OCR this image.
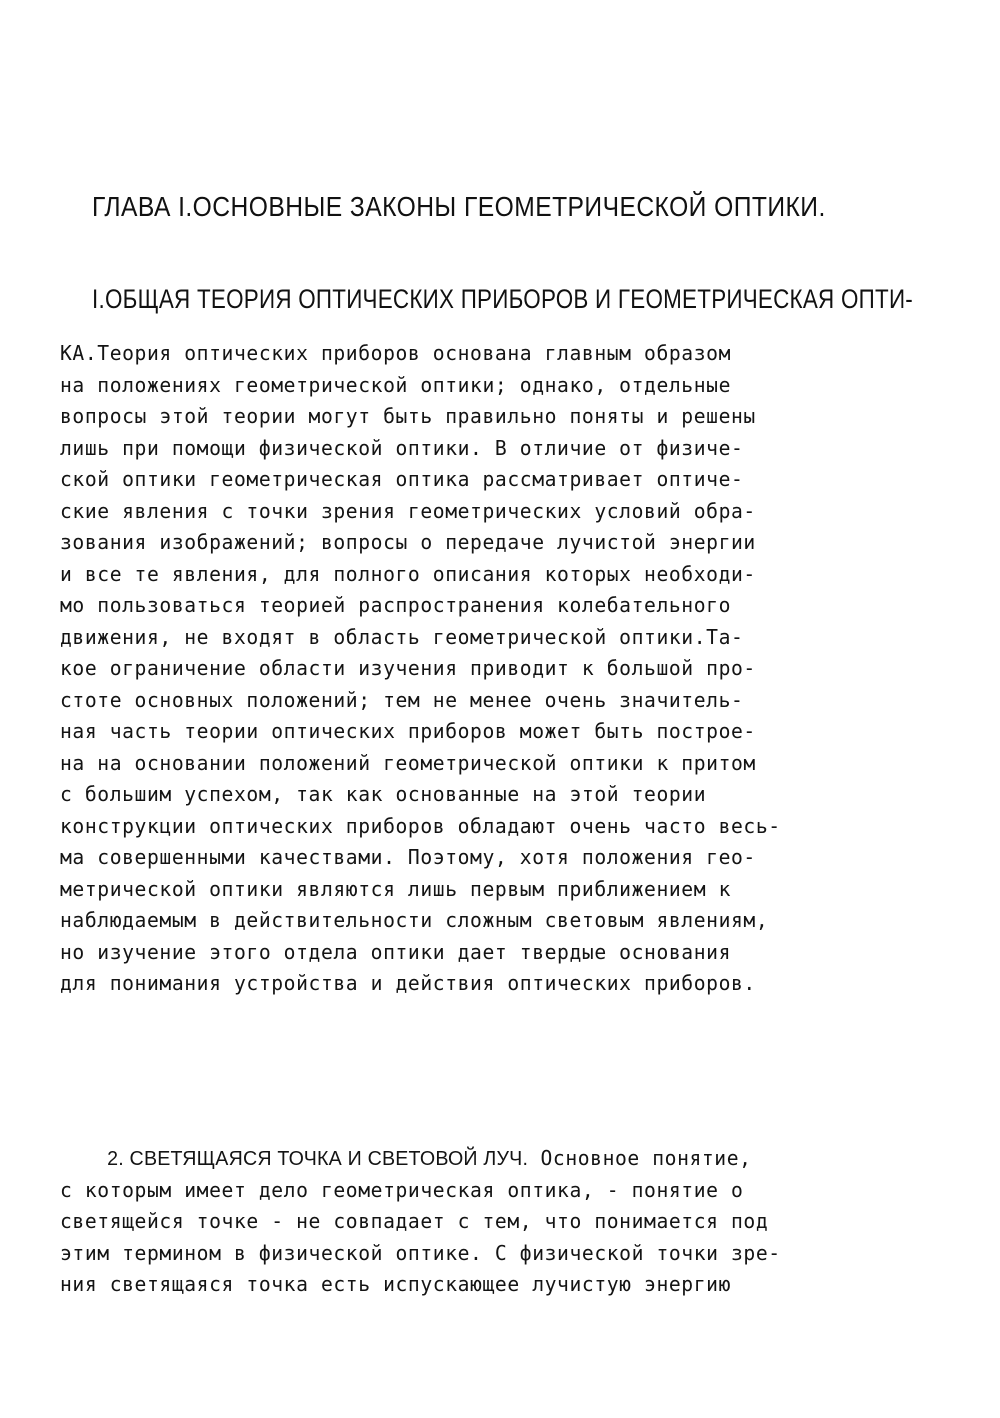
ГЛАВА I.ОСНОВНЫЕ ЗАКОНЫ ГЕОМЕТРИЧЕСКОЙ ОПТИКИ.
I.ОБЩАЯ ТЕОРИЯ ОПТИЧЕСКИХ ПРИБОРОВ И ГЕОМЕТРИЧЕСКАЯ ОПТИ-
КА.Теория оптических приборов основана главным образом
на положениях геометрической оптики; однако, отдельные
вопросы этой теории могут быть правильно поняты и решены
лишь при помощи физической оптики. В отличие от физиче-
ской оптики геометрическая оптика рассматривает оптиче-
ские явления с точки зрения геометрических условий обра-
зования изображений; вопросы о передаче лучистой энергии
и все те явления, для полного описания которых необходи-
мо пользоваться теорией распространения колебательного
движения, не входят в область геометрической оптики.Та-
кое ограничение области изучения приводит к большой про-
стоте основных положений; тем не менее очень значитель-
ная часть теории оптических приборов может быть построе-
на на основании положений геометрической оптики к притом
с большим успехом, так как основанные на этой теории
конструкции оптических приборов обладают очень часто весь-
ма совершенными качествами. Поэтому, хотя положения гео-
метрической оптики являются лишь первым приближением к
наблюдаемым в действительности сложным световым явлениям,
но изучение этого отдела оптики дает твердые основания
для понимания устройства и действия оптических приборов.
2. СВЕТЯЩАЯСЯ ТОЧКА И СВЕТОВОЙ ЛУЧ. Основное понятие,
с которым имеет дело геометрическая оптика, - понятие о
светящейся точке - не совпадает с тем, что понимается под
этим термином в физической оптике. С физической точки зре-
ния светящаяся точка есть испускающее лучистую энергию
